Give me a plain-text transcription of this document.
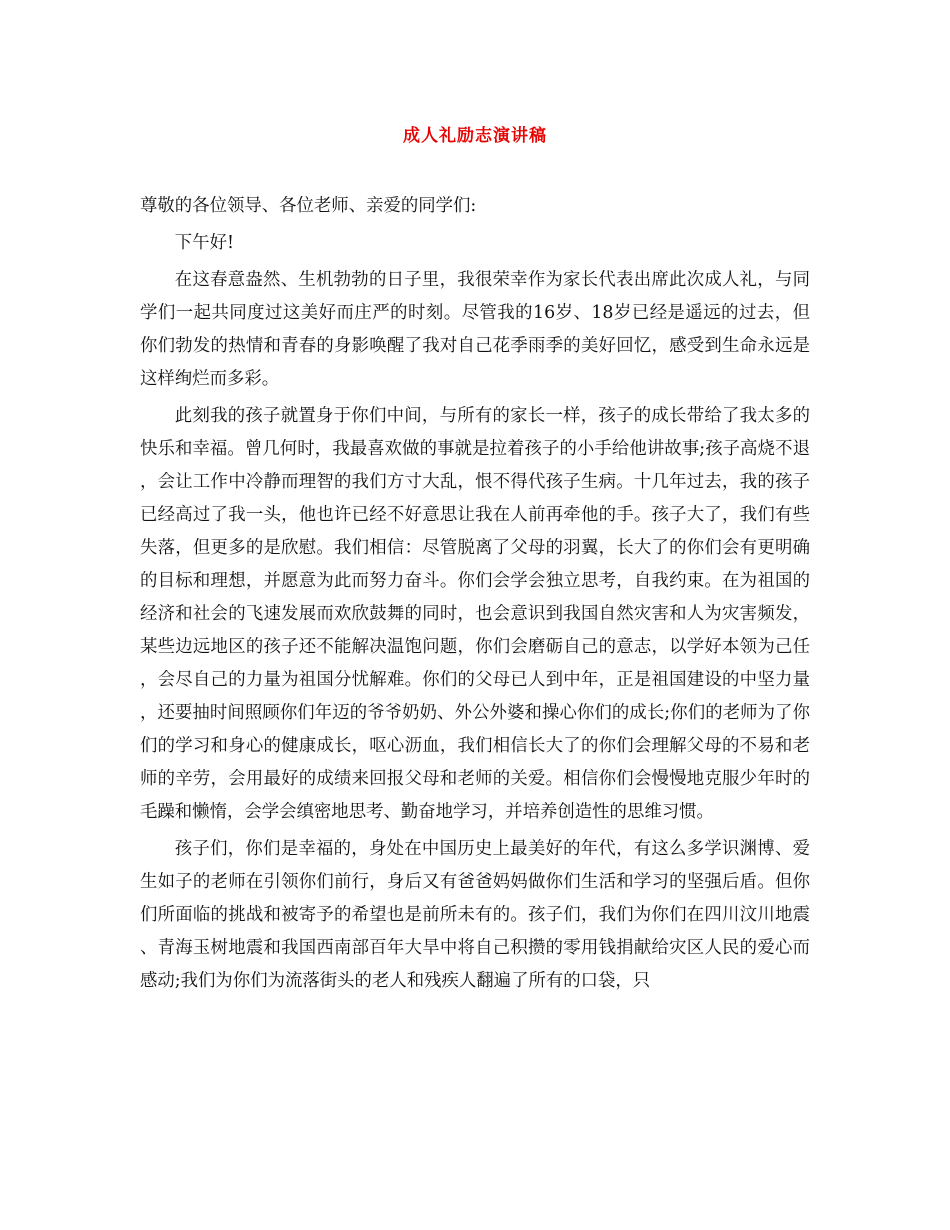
成人礼励志演讲稿

尊敬的各位领导、各位老师、亲爱的同学们:

下午好!

在这春意盎然、生机勃勃的日子里，我很荣幸作为家长代表出席此次成人礼，与同学们一起共同度过这美好而庄严的时刻。尽管我的16岁、18岁已经是遥远的过去，但你们勃发的热情和青春的身影唤醒了我对自己花季雨季的美好回忆，感受到生命永远是这样绚烂而多彩。

此刻我的孩子就置身于你们中间，与所有的家长一样，孩子的成长带给了我太多的快乐和幸福。曾几何时，我最喜欢做的事就是拉着孩子的小手给他讲故事;孩子高烧不退，会让工作中冷静而理智的我们方寸大乱，恨不得代孩子生病。十几年过去，我的孩子已经高过了我一头，他也许已经不好意思让我在人前再牵他的手。孩子大了，我们有些失落，但更多的是欣慰。我们相信：尽管脱离了父母的羽翼，长大了的你们会有更明确的目标和理想，并愿意为此而努力奋斗。你们会学会独立思考，自我约束。在为祖国的经济和社会的飞速发展而欢欣鼓舞的同时，也会意识到我国自然灾害和人为灾害频发，某些边远地区的孩子还不能解决温饱问题，你们会磨砺自己的意志，以学好本领为己任，会尽自己的力量为祖国分忧解难。你们的父母已人到中年，正是祖国建设的中坚力量，还要抽时间照顾你们年迈的爷爷奶奶、外公外婆和操心你们的成长;你们的老师为了你们的学习和身心的健康成长，呕心沥血，我们相信长大了的你们会理解父母的不易和老师的辛劳，会用最好的成绩来回报父母和老师的关爱。相信你们会慢慢地克服少年时的毛躁和懒惰，会学会缜密地思考、勤奋地学习，并培养创造性的思维习惯。

孩子们，你们是幸福的，身处在中国历史上最美好的年代，有这么多学识渊博、爱生如子的老师在引领你们前行，身后又有爸爸妈妈做你们生活和学习的坚强后盾。但你们所面临的挑战和被寄予的希望也是前所未有的。孩子们，我们为你们在四川汶川地震、青海玉树地震和我国西南部百年大旱中将自己积攒的零用钱捐献给灾区人民的爱心而感动;我们为你们为流落街头的老人和残疾人翻遍了所有的口袋，只
